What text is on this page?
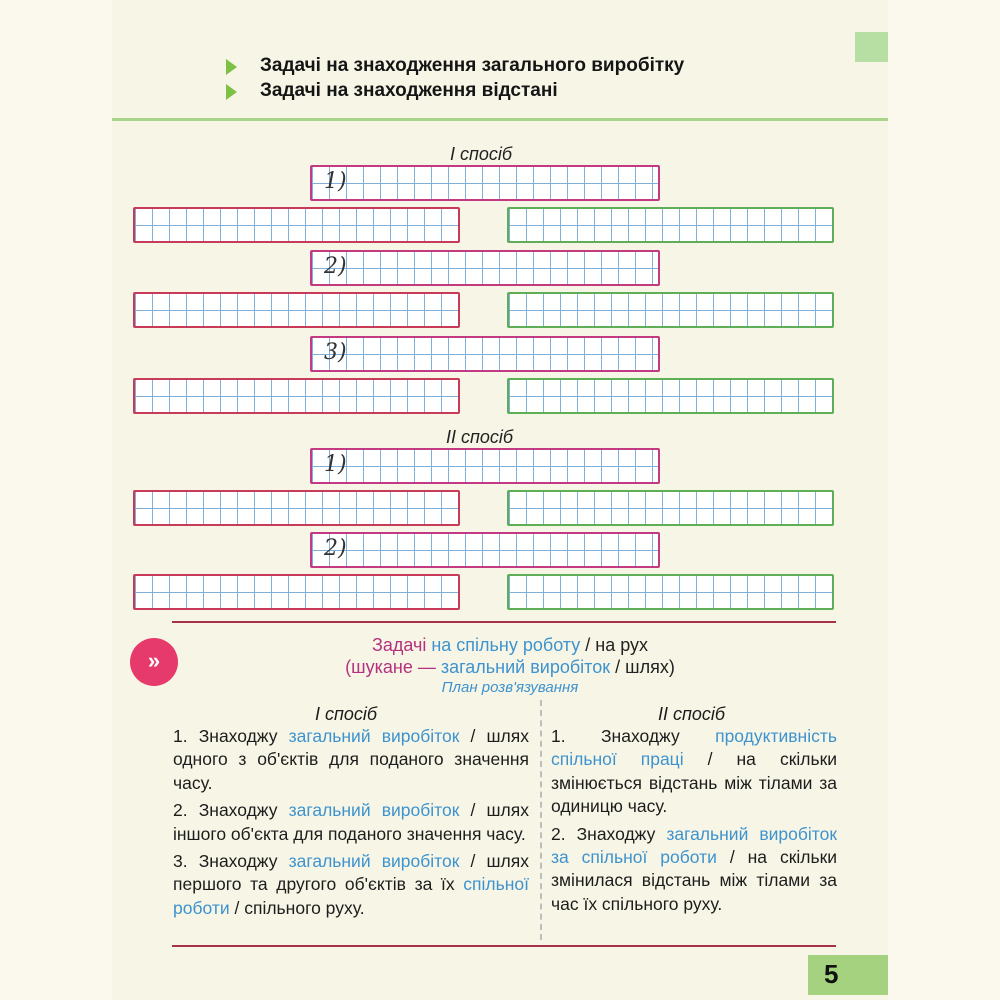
Задачі на знаходження загального виробітку
Задачі на знаходження відстані
I спосіб
1)
2)
3)
II спосіб
1)
2)
»
Задачі на спільну роботу / на рух
(шукане — загальний виробіток / шлях)
План розв'язування
I спосіб	II спосіб

1. Знаходжу загальний виробіток / шлях одного з об'єктів для поданого значення часу.

2. Знаходжу загальний виробіток / шлях іншого об'єкта для поданого значення часу.

3. Знаходжу загальний виробіток / шлях першого та другого об'єктів за їх спільної роботи / спільного руху.

1. Знаходжу продуктивність спільної праці / на скільки змінюється відстань між тілами за одиницю часу.

2. Знаходжу загальний виробіток за спільної роботи / на скільки змінилася відстань між тілами за час їх спільного руху.

5
